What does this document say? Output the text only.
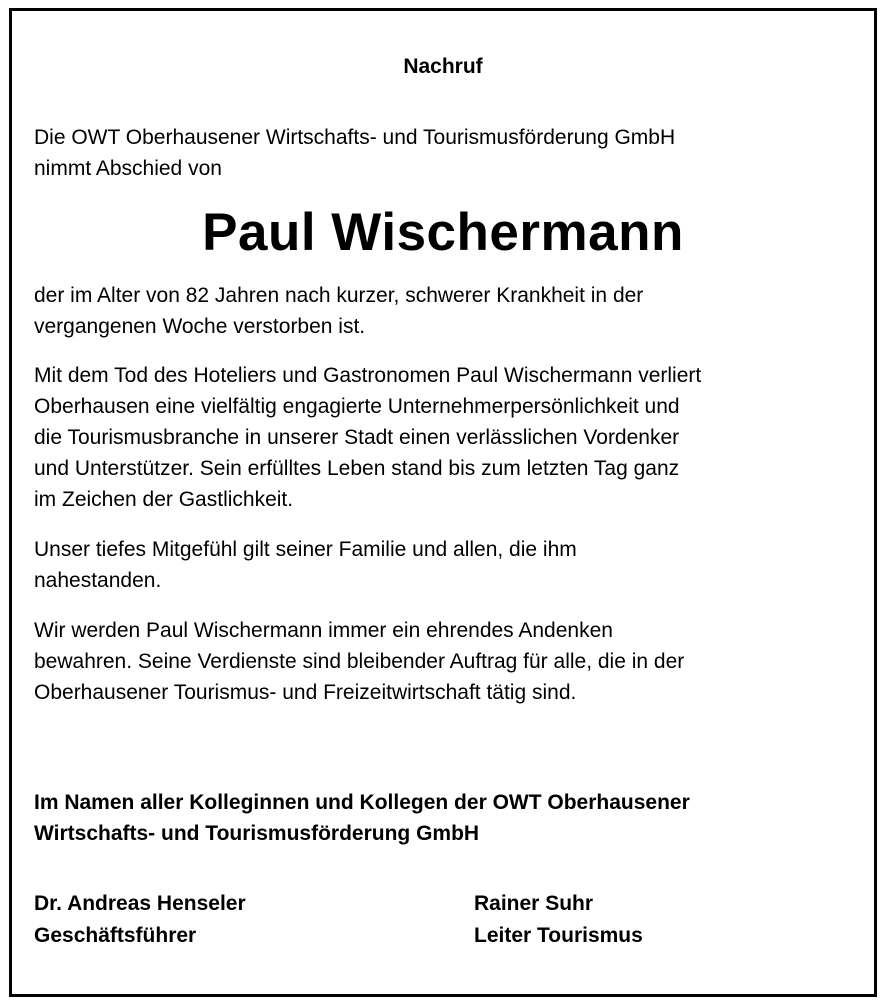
Nachruf
Die OWT Oberhausener Wirtschafts- und Tourismusförderung GmbH
nimmt Abschied von
Paul Wischermann
der im Alter von 82 Jahren nach kurzer, schwerer Krankheit in der
vergangenen Woche verstorben ist.
Mit dem Tod des Hoteliers und Gastronomen Paul Wischermann verliert
Oberhausen eine vielfältig engagierte Unternehmerpersönlichkeit und
die Tourismusbranche in unserer Stadt einen verlässlichen Vordenker
und Unterstützer. Sein erfülltes Leben stand bis zum letzten Tag ganz
im Zeichen der Gastlichkeit.
Unser tiefes Mitgefühl gilt seiner Familie und allen, die ihm
nahestanden.
Wir werden Paul Wischermann immer ein ehrendes Andenken
bewahren. Seine Verdienste sind bleibender Auftrag für alle, die in der
Oberhausener Tourismus- und Freizeitwirtschaft tätig sind.
Im Namen aller Kolleginnen und Kollegen der OWT Oberhausener
Wirtschafts- und Tourismusförderung GmbH
Dr. Andreas Henseler
Geschäftsführer
Rainer Suhr
Leiter Tourismus
